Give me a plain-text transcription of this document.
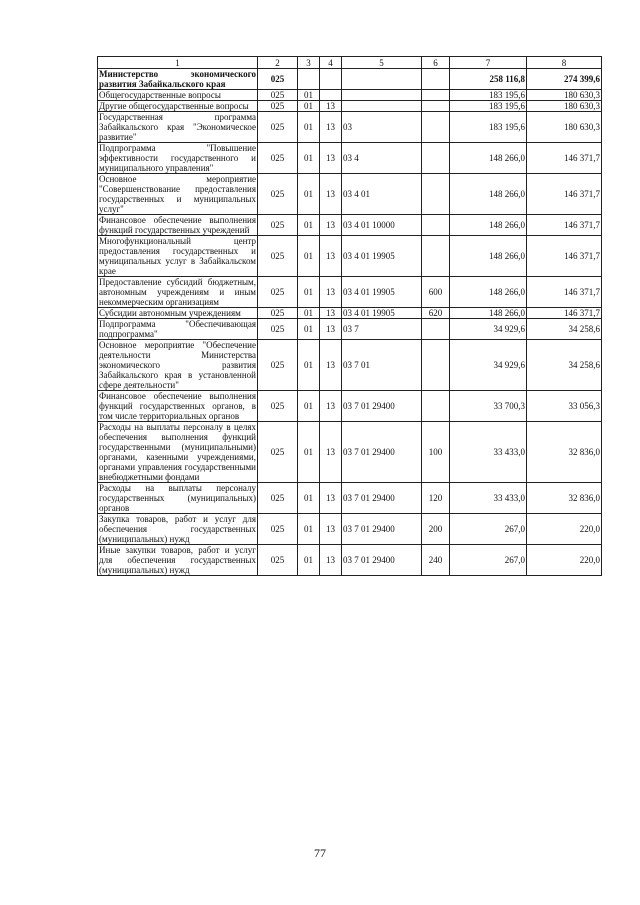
1	2	3	4	5	6	7	8
Министерство экономического развития Забайкальского края	025					258 116,8	274 399,6
Общегосударственные вопросы	025	01				183 195,6	180 630,3
Другие общегосударственные вопросы	025	01	13			183 195,6	180 630,3
Государственная программа Забайкальского края "Экономическое развитие"	025	01	13	03		183 195,6	180 630,3
Подпрограмма "Повышение эффективности государственного и муниципального управления"	025	01	13	03 4		148 266,0	146 371,7
Основное мероприятие "Совершенствование предоставления государственных и муниципальных услуг"	025	01	13	03 4 01		148 266,0	146 371,7
Финансовое обеспечение выполнения функций государственных учреждений	025	01	13	03 4 01 10000		148 266,0	146 371,7
Многофункциональный центр предоставления государственных и муниципальных услуг в Забайкальском крае	025	01	13	03 4 01 19905		148 266,0	146 371,7
Предоставление субсидий бюджетным, автономным учреждениям и иным некоммерческим организациям	025	01	13	03 4 01 19905	600	148 266,0	146 371,7
Субсидии автономным учреждениям	025	01	13	03 4 01 19905	620	148 266,0	146 371,7
Подпрограмма "Обеспечивающая подпрограмма"	025	01	13	03 7		34 929,6	34 258,6
Основное мероприятие "Обеспечение деятельности Министерства экономического развития Забайкальского края в установленной сфере деятельности"	025	01	13	03 7 01		34 929,6	34 258,6
Финансовое обеспечение выполнения функций государственных органов, в том числе территориальных органов	025	01	13	03 7 01 29400		33 700,3	33 056,3
Расходы на выплаты персоналу в целях обеспечения выполнения функций государственными (муниципальными) органами, казенными учреждениями, органами управления государственными внебюджетными фондами	025	01	13	03 7 01 29400	100	33 433,0	32 836,0
Расходы на выплаты персоналу государственных (муниципальных) органов	025	01	13	03 7 01 29400	120	33 433,0	32 836,0
Закупка товаров, работ и услуг для обеспечения государственных (муниципальных) нужд	025	01	13	03 7 01 29400	200	267,0	220,0
Иные закупки товаров, работ и услуг для обеспечения государственных (муниципальных) нужд	025	01	13	03 7 01 29400	240	267,0	220,0
77
